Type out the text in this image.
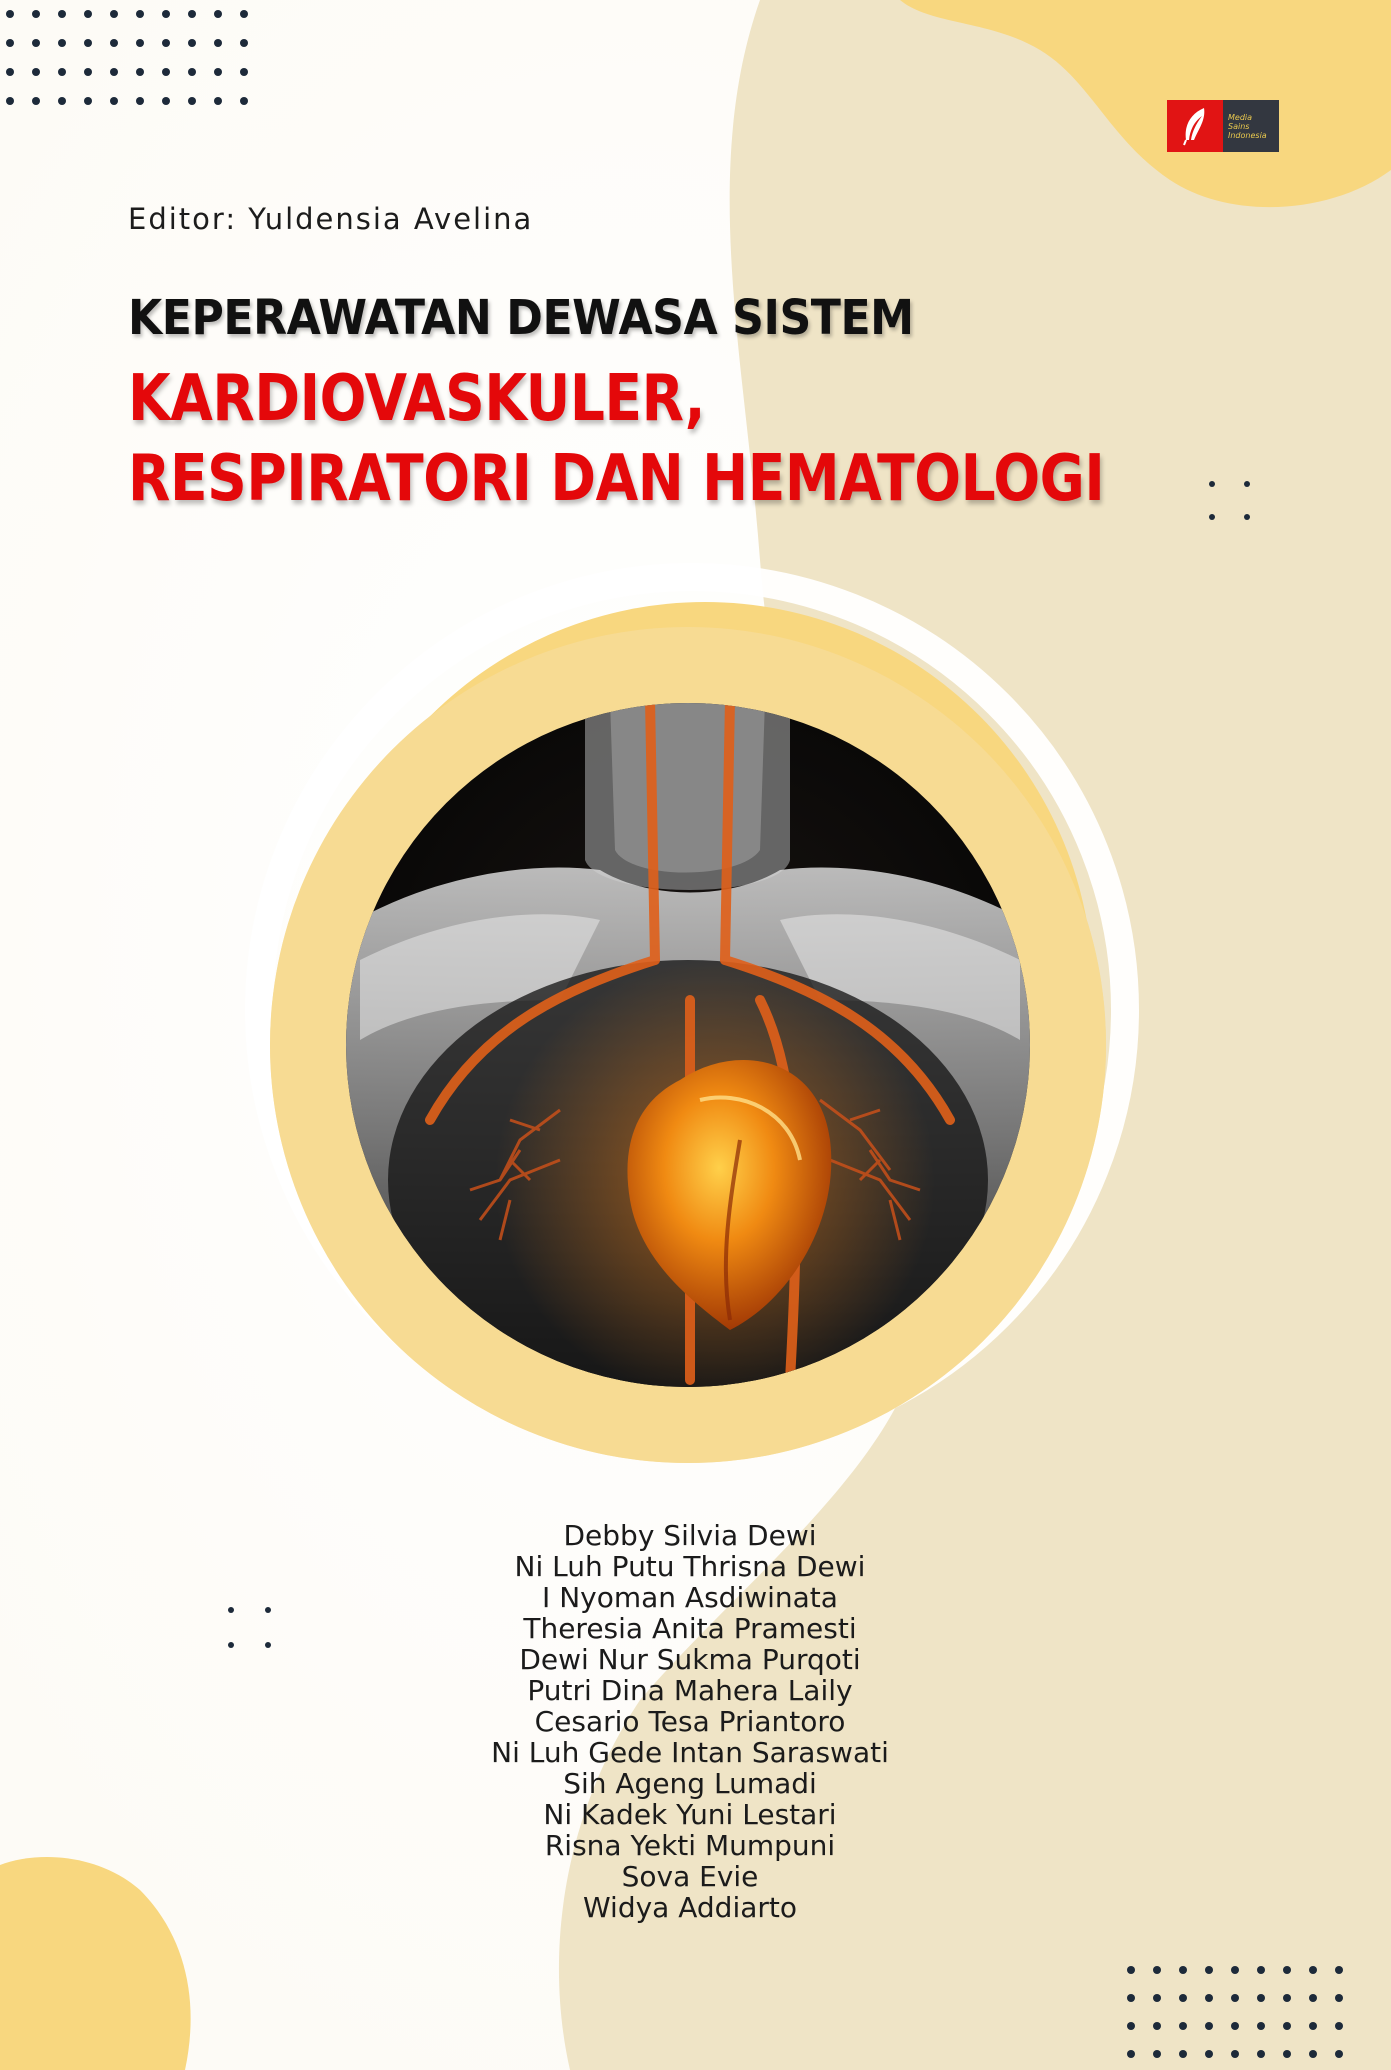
Media
Sains
Indonesia
Editor: Yuldensia Avelina
KEPERAWATAN DEWASA SISTEM
KARDIOVASKULER,
RESPIRATORI DAN HEMATOLOGI
Debby Silvia Dewi
Ni Luh Putu Thrisna Dewi
I Nyoman Asdiwinata
Theresia Anita Pramesti
Dewi Nur Sukma Purqoti
Putri Dina Mahera Laily
Cesario Tesa Priantoro
Ni Luh Gede Intan Saraswati
Sih Ageng Lumadi
Ni Kadek Yuni Lestari
Risna Yekti Mumpuni
Sova Evie
Widya Addiarto
